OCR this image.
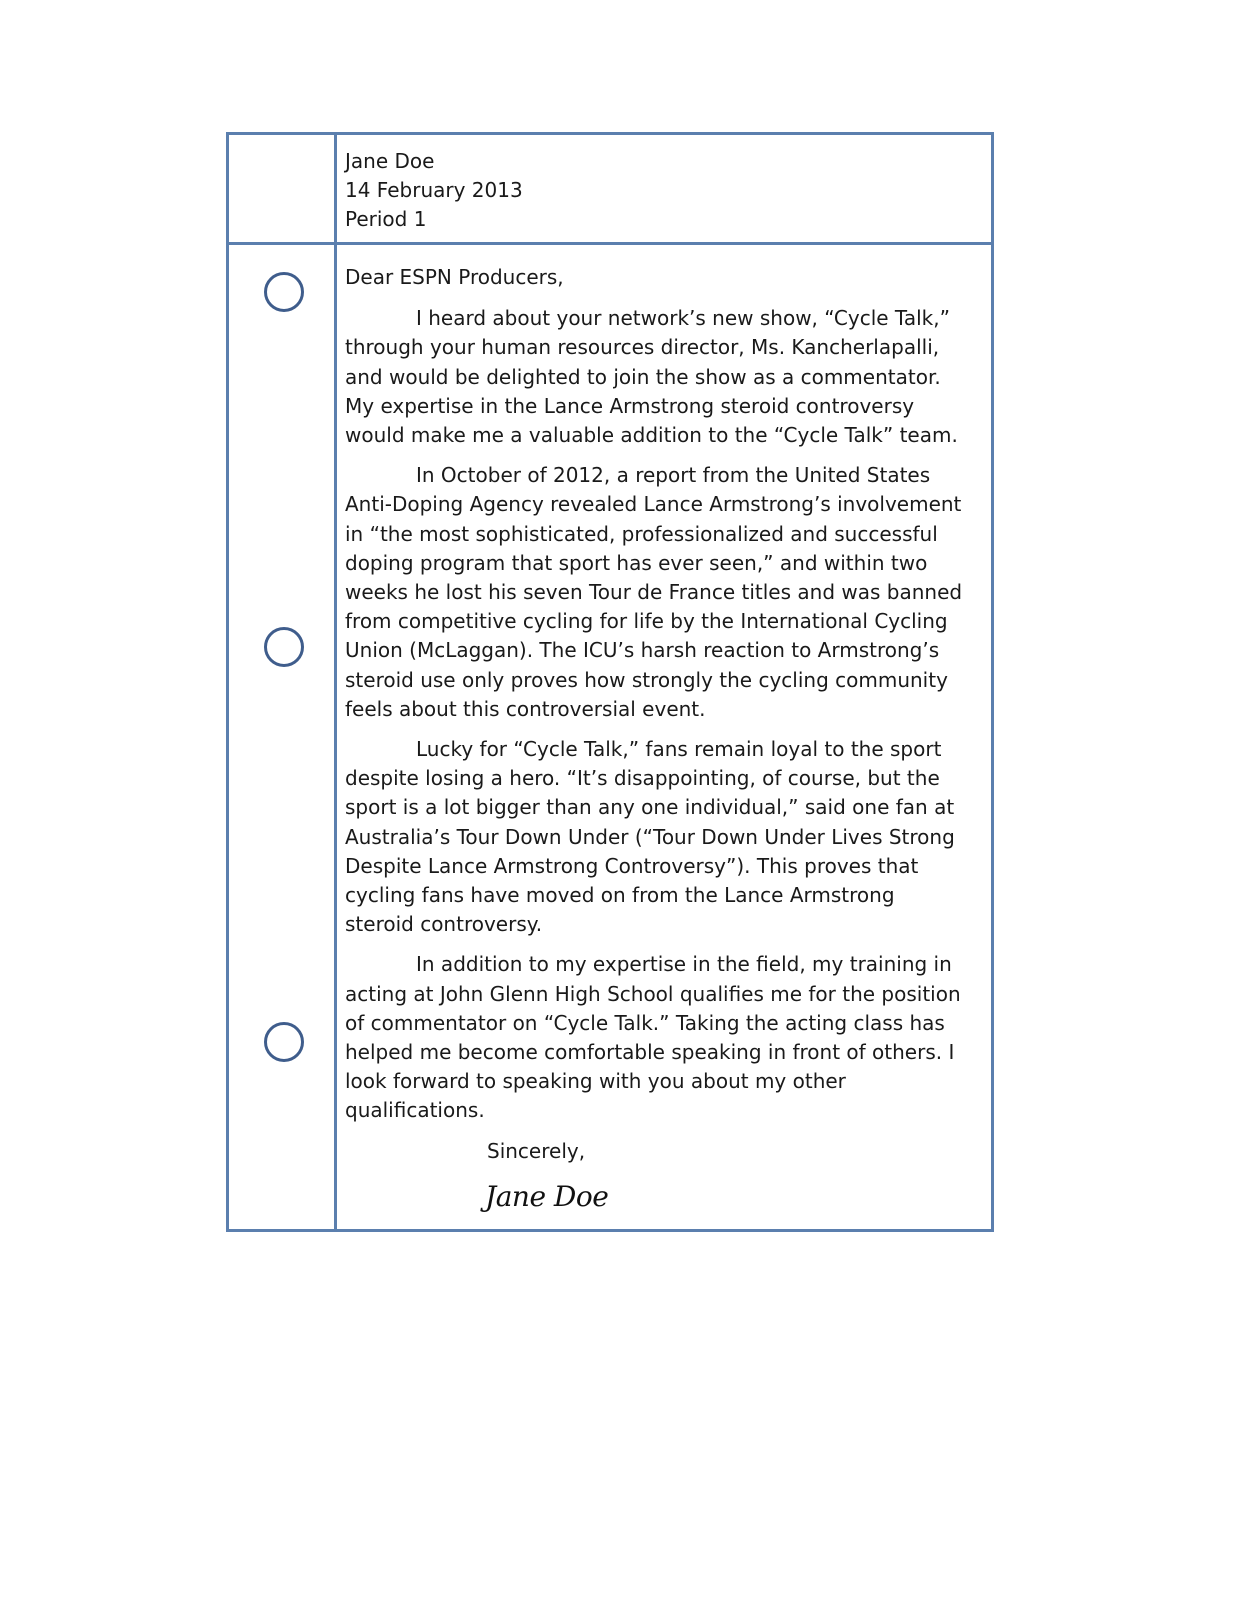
Jane Doe
14 February 2013
Period 1

Dear ESPN Producers,

I heard about your network’s new show, “Cycle Talk,” through your human resources director, Ms. Kancherlapalli, and would be delighted to join the show as a commentator. My expertise in the Lance Armstrong steroid controversy would make me a valuable addition to the “Cycle Talk” team.

In October of 2012, a report from the United States Anti-Doping Agency revealed Lance Armstrong’s involvement in “the most sophisticated, professionalized and successful doping program that sport has ever seen,” and within two weeks he lost his seven Tour de France titles and was banned from competitive cycling for life by the International Cycling Union (McLaggan). The ICU’s harsh reaction to Armstrong’s steroid use only proves how strongly the cycling community feels about this controversial event.

Lucky for “Cycle Talk,” fans remain loyal to the sport despite losing a hero. “It’s disappointing, of course, but the sport is a lot bigger than any one individual,” said one fan at Australia’s Tour Down Under (“Tour Down Under Lives Strong Despite Lance Armstrong Controversy”). This proves that cycling fans have moved on from the Lance Armstrong steroid controversy.

In addition to my expertise in the field, my training in acting at John Glenn High School qualifies me for the position of commentator on “Cycle Talk.” Taking the acting class has helped me become comfortable speaking in front of others. I look forward to speaking with you about my other qualifications.

Sincerely,

Jane Doe
